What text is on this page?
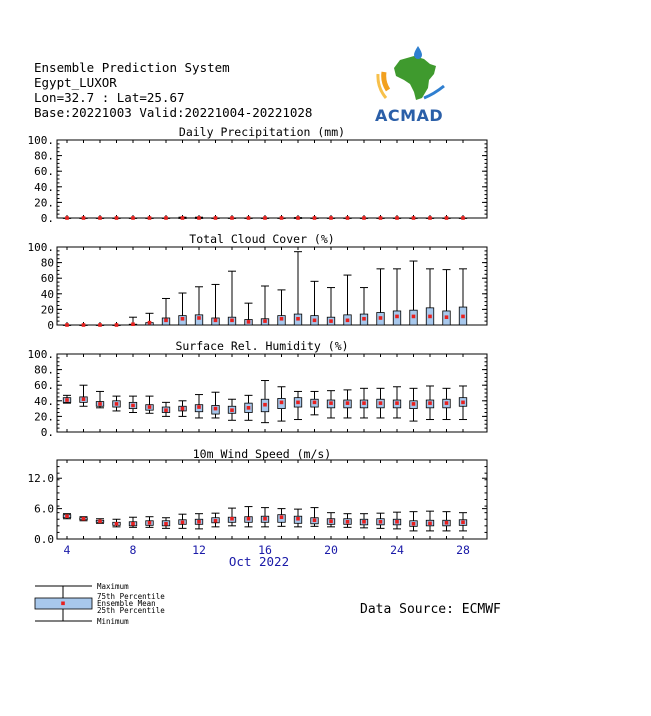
Ensemble Prediction System
Egypt_LUXOR
Lon=32.7 : Lat=25.67
Base:20221003 Valid:20221004-20221028	ACMAD
Daily Precipitation (mm)
0.
20.
40.
60.
80.
100.
Total Cloud Cover (%)
0
20
40
60
80
100.
Surface Rel. Humidity (%)
0.
20.
40.
60.
80.
100.
10m Wind Speed (m/s)
0.0
6.0
12.0
4	8	12	16	20	24	28
Oct 2022
Maximum
75th Percentile
Ensemble Mean
25th Percentile
Minimum
Data Source: ECMWF
